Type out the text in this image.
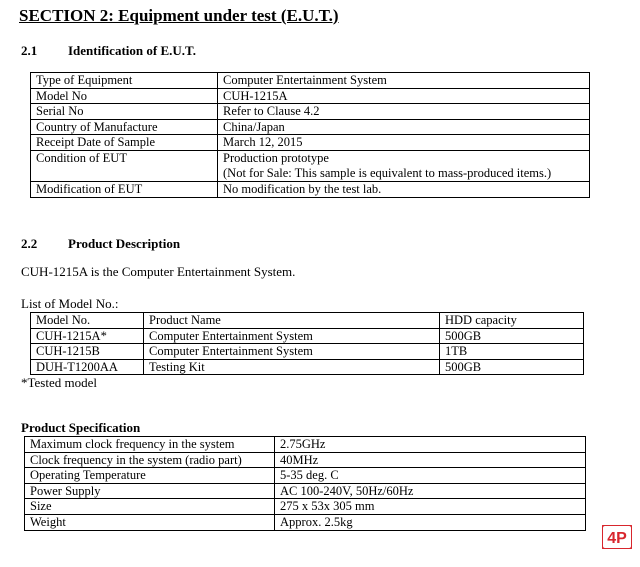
SECTION 2: Equipment under test (E.U.T.)
2.1 Identification of E.U.T.
Type of Equipment	Computer Entertainment System
Model No	CUH-1215A
Serial No	Refer to Clause 4.2
Country of Manufacture	China/Japan
Receipt Date of Sample	March 12, 2015
Condition of EUT	Production prototype
(Not for Sale: This sample is equivalent to mass-produced items.)

Modification of EUT	No modification by the test lab.
2.2 Product Description
CUH-1215A is the Computer Entertainment System.
List of Model No.:
Model No.	Product Name	HDD capacity
CUH-1215A*	Computer Entertainment System	500GB
CUH-1215B	Computer Entertainment System	1TB
DUH-T1200AA	Testing Kit	500GB
*Tested model
Product Specification
Maximum clock frequency in the system	2.75GHz
Clock frequency in the system (radio part)	40MHz
Operating Temperature	5-35 deg. C
Power Supply	AC 100-240V, 50Hz/60Hz
Size	275 x 53x 305 mm
Weight	Approx. 2.5kg
4P
